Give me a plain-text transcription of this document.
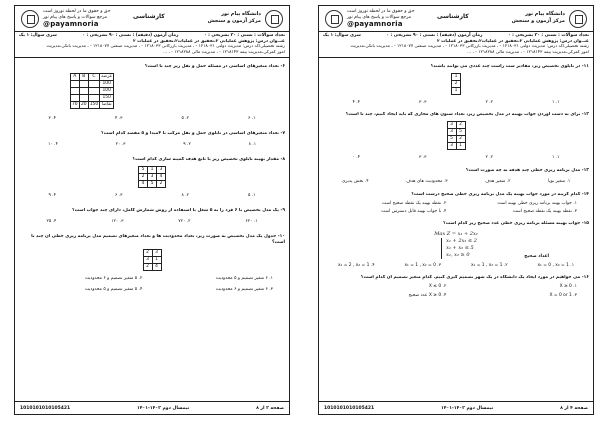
دانشگاه پیام نور
مرکز آزمون و سنجش
کارشناسی
حق و حقوق ما در لحظه نوروز است
مرجع سوالات و پاسخ های پیام نور
@payamnoria
تعداد سوالات : تستی : ۳۰ تشریحی : ۰
زمان آزمون (دقیقه) : تستی : ۹۰ تشریحی : ۰
سری سوال: ۱ یک
عنــوان درس: پژوهش عملیاتی ۲،تحقیق در عملیات۲،تحقیق در عملیات ۲
رشته تحصیلی/کد درس: مدیریت دولتی ۱۲۱۸۰۳۱ - ، مدیریت بازرگانی ۱۲۱۸۰۳۳ - ، مدیریت صنعتی ۱۲۱۸۰۷۷ - ، مدیریت بانکی،مدیریت
امور گمرکی،مدیریت بیمه ۱۲۱۸۱۴۳ - ، مدیریت مالی ۱۲۱۸۲۸۸ - ، ...
۶- تعداد متغیرهای اساسی در مسئله حمل و نقل زیر چند تا است؟
A	B	C	عرضه
			100
			100
			150
70	20	150	تقاضا
۱. ۶
۲. ۵
۳. ۴
۴. ۳
۷- تعداد متغیرهای اساسی در تابلوی حمل و نقل مرکب با ۴مبدا و ۵ مقصد کدام است؟
۱. ۸
۲. ۹
۳. ۲۰
۴. ۱۰
۸- مقدار بهینه تابلوی تخصیص زیر با تابع هدف کمینه سازی کدام است؟
5	1	3
2	3	4
4	5	2
۱. ۵
۲. ۸
۳. ۶
۴. ۹
۹- یک مدل تخصیص با ۶ فرد را به ۵ شغل با استفاده از روش شمارش کامل، دارای چند جواب است؟
۱. ۶۲۰
۲. ۷۲۰
۳. ۱۲۰
۴. ۲۵
۱۰- جدول یک مدل تخصیص به صورت زیر، تعداد محدودیت ها و تعداد متغیرهای تصمیم مدل برنامه ریزی خطی آن چند تا است؟
2	3
3	1
2	4
۱. ۶ متغیر تصمیم و ۵ محدودیت
۲. ۵ متغیر تصمیم و ۶ محدودیت
۳. ۶ متغیر تصمیم و ۶ محدودیت
۴. ۵ متغیر تصمیم و ۵ محدودیت
صفحه ۲ از ۸
نیمسال دوم ۱۴۰۲-۱۴۰۱
1010101010105421
دانشگاه پیام نور
مرکز آزمون و سنجش
کارشناسی
حق و حقوق ما در لحظه نوروز است
مرجع سوالات و پاسخ های پیام نور
@payamnoria
تعداد سوالات : تستی : ۳۰ تشریحی : ۰
زمان آزمون (دقیقه) : تستی : ۹۰ تشریحی : ۰
سری سوال: ۱ یک
عنــوان درس: پژوهش عملیاتی ۲،تحقیق در عملیات۲،تحقیق در عملیات ۲
رشته تحصیلی/کد درس: مدیریت دولتی ۱۲۱۸۰۳۱ - ، مدیریت بازرگانی ۱۲۱۸۰۳۳ - ، مدیریت صنعتی ۱۲۱۸۰۷۷ - ، مدیریت بانکی،مدیریت
امور گمرکی،مدیریت بیمه ۱۲۱۸۱۴۳ - ، مدیریت مالی ۱۲۱۸۲۸۸ - ، ...
۱۱- در تابلوی تخصیص زیر، مقادیر ست راست چند عددی می توانند باشند؟
1
2
1
۱. ۱
۲. ۲
۳. ۳
۴. ۴
۱۲- برای به دست آوردن جواب بهینه در مدل تخصیص زیر، تعداد ستون های مجازی که باید ایجاد کنیم، چند تا است؟
3	2
3	5
5	2
3	1
۱. ۱
۲. ۲
۳. ۳
۴. ۰
۱۳- مدل برنامه ریزی خطی چند هدفه به چه صورت است؟
۱. متغیر نوپا
۲. متغیر هدف
۳. محدودیت های هدف
۴. بخش پذیری
۱۴- کدام گزینه در مورد جواب بهینه یک مدل برنامه ریزی خطی صحیح درست است؟
۱. جواب بهینه برنامه ریزی خطی بهینه است
۲. نقطه بهینه یک نقطه صحیح است
۳. نقطه بهینه یک نقطه صحیح است
۴. با جواب بهینه قابل دسترس است
۱۵- جواب بهینه مسئله برنامه ریزی خطی عدد صحیح زیر کدام است؟
Max Z = x₁ + 2x₂
x₁ + 2x₂ ≤ 2
x₁ + x₂ ≤ 5
x₁, x₂ ≥ 0	اعداد صحیح
۱. x₁ = 0 , x₂ = 1
۲. x₁ = 1 , x₂ = 1
۳. x₁ = 1 , x₂ = 0
۴. x₁ = 2 , x₂ = 1
۱۶- می خواهیم در مورد ایجاد یک دانشگاه در یک شهر تصمیم گیری کنیم. کدام متغیر تصمیم آن کدام است؟
۱. X ≥ 0
۲. X ≤ 0
۳. X = 0 or 1
۴. X ≥ 0 عدد صحیح
صفحه ۴ از ۸
نیمسال دوم ۱۴۰۲-۱۴۰۱
1010101010105421
